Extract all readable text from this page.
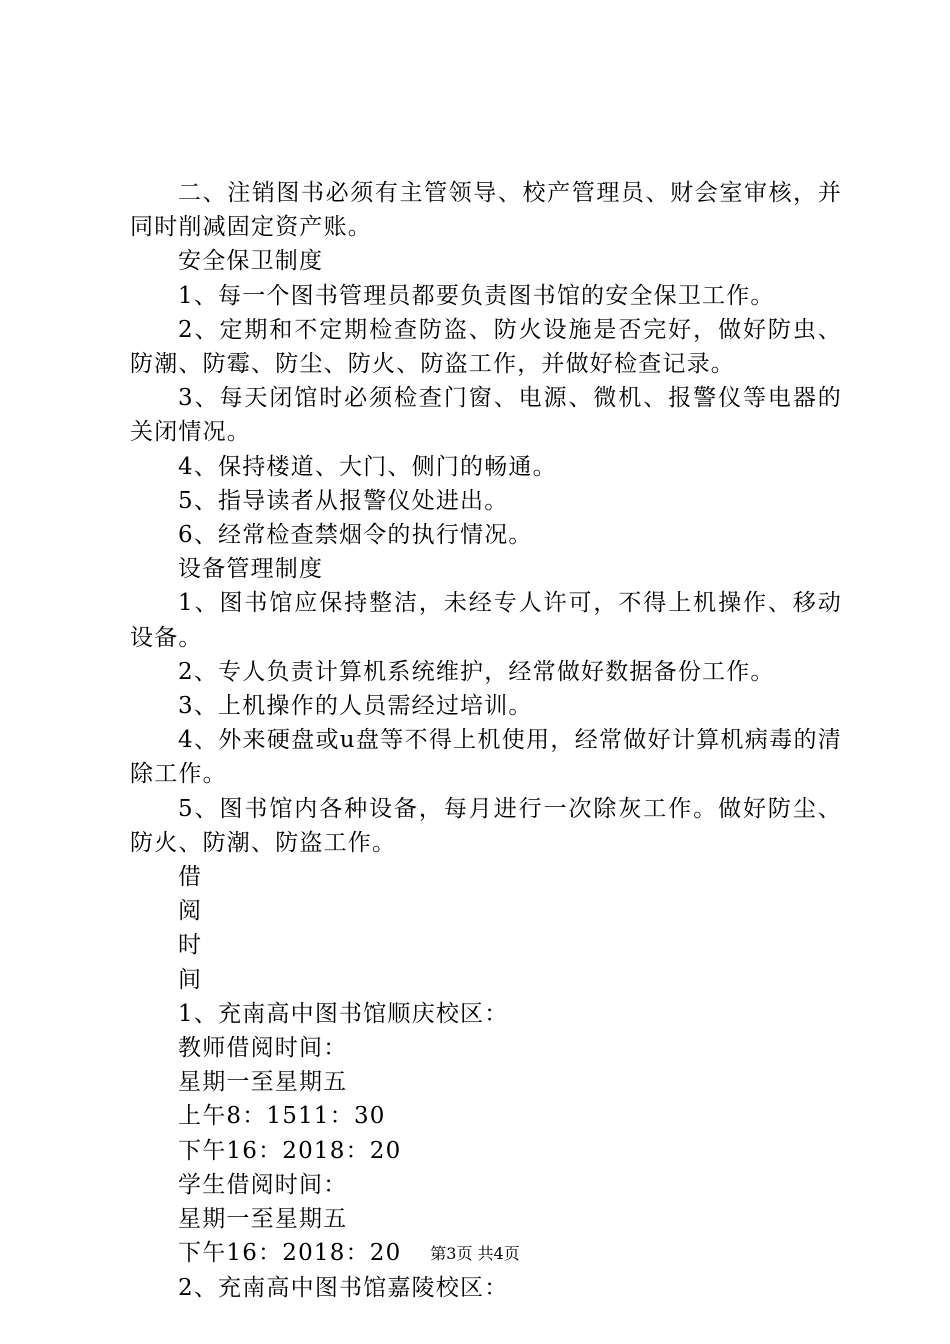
二、注销图书必须有主管领导、校产管理员、财会室审核，并同时削减固定资产账。

安全保卫制度

1、每一个图书管理员都要负责图书馆的安全保卫工作。

2、定期和不定期检查防盗、防火设施是否完好，做好防虫、防潮、防霉、防尘、防火、防盗工作，并做好检查记录。

3、每天闭馆时必须检查门窗、电源、微机、报警仪等电器的关闭情况。

4、保持楼道、大门、侧门的畅通。

5、指导读者从报警仪处进出。

6、经常检查禁烟令的执行情况。

设备管理制度

1、图书馆应保持整洁，未经专人许可，不得上机操作、移动设备。

2、专人负责计算机系统维护，经常做好数据备份工作。

3、上机操作的人员需经过培训。

4、外来硬盘或u盘等不得上机使用，经常做好计算机病毒的清除工作。

5、图书馆内各种设备，每月进行一次除灰工作。做好防尘、防火、防潮、防盗工作。

借

阅

时

间

1、充南高中图书馆顺庆校区：

教师借阅时间：

星期一至星期五

上午8：1511：30

下午16：2018：20

学生借阅时间：

星期一至星期五

下午16：2018：20

2、充南高中图书馆嘉陵校区：

第3页 共4页
